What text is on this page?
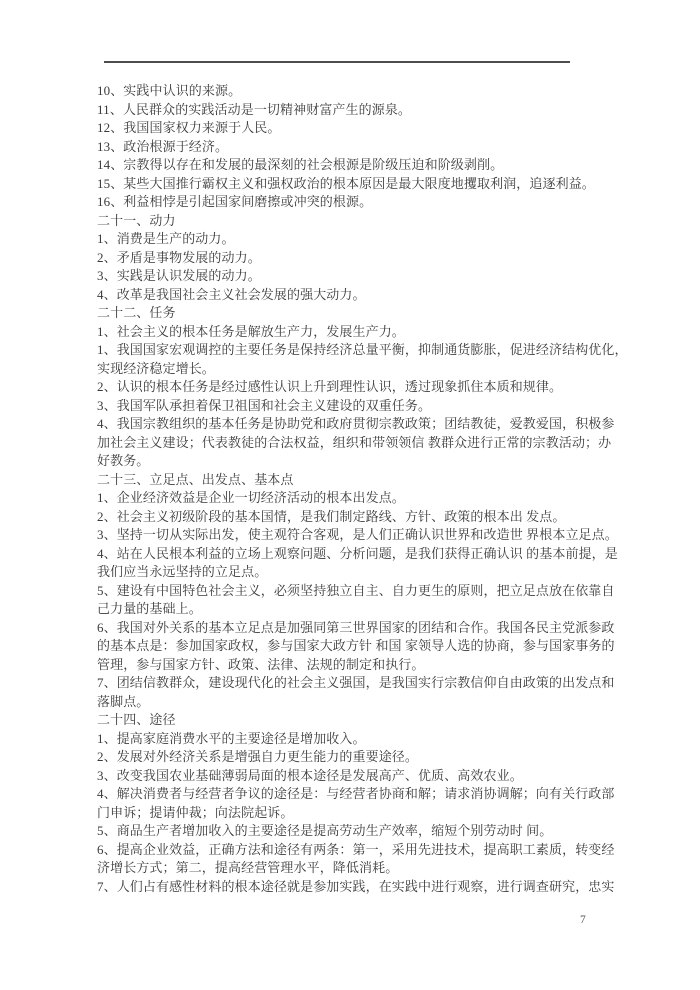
10、实践中认识的来源。
11、人民群众的实践活动是一切精神财富产生的源泉。
12、我国国家权力来源于人民。
13、政治根源于经济。
14、宗教得以存在和发展的最深刻的社会根源是阶级压迫和阶级剥削。
15、某些大国推行霸权主义和强权政治的根本原因是最大限度地攫取利润，追逐利益。
16、利益相悖是引起国家间磨擦或冲突的根源。
二十一、动力
1、消费是生产的动力。
2、矛盾是事物发展的动力。
3、实践是认识发展的动力。
4、改革是我国社会主义社会发展的强大动力。
二十二、任务
1、社会主义的根本任务是解放生产力，发展生产力。
1、我国国家宏观调控的主要任务是保持经济总量平衡，抑制通货膨胀，促进经济结构优化，
实现经济稳定增长。
2、认识的根本任务是经过感性认识上升到理性认识，透过现象抓住本质和规律。
3、我国军队承担着保卫祖国和社会主义建设的双重任务。
4、我国宗教组织的基本任务是协助党和政府贯彻宗教政策；团结教徒，爱教爱国，积极参
加社会主义建设；代表教徒的合法权益，组织和带领领信 教群众进行正常的宗教活动；办
好教务。
二十三、立足点、出发点、基本点
1、企业经济效益是企业一切经济活动的根本出发点。
2、社会主义初级阶段的基本国情，是我们制定路线、方针、政策的根本出 发点。
3、坚持一切从实际出发，使主观符合客观，是人们正确认识世界和改造世 界根本立足点。
4、站在人民根本利益的立场上观察问题、分析问题，是我们获得正确认识 的基本前提，是
我们应当永远坚持的立足点。
5、建设有中国特色社会主义，必须坚持独立自主、自力更生的原则，把立足点放在依靠自
己力量的基础上。
6、我国对外关系的基本立足点是加强同第三世界国家的团结和合作。我国各民主党派参政
的基本点是：参加国家政权，参与国家大政方针 和国 家领导人选的协商，参与国家事务的
管理，参与国家方针、政策、法律、法规的制定和执行。
7、团结信教群众，建设现代化的社会主义强国，是我国实行宗教信仰自由政策的出发点和
落脚点。
二十四、途径
1、提高家庭消费水平的主要途径是增加收入。
2、发展对外经济关系是增强自力更生能力的重要途径。
3、改变我国农业基础薄弱局面的根本途径是发展高产、优质、高效农业。
4、解决消费者与经营者争议的途径是：与经营者协商和解；请求消协调解；向有关行政部
门申诉；提请仲裁；向法院起诉。
5、商品生产者增加收入的主要途径是提高劳动生产效率，缩短个别劳动时 间。
6、提高企业效益，正确方法和途径有两条：第一，采用先进技术，提高职工素质，转变经
济增长方式；第二，提高经营管理水平，降低消耗。
7、人们占有感性材料的根本途径就是参加实践，在实践中进行观察，进行调查研究，忠实
7
